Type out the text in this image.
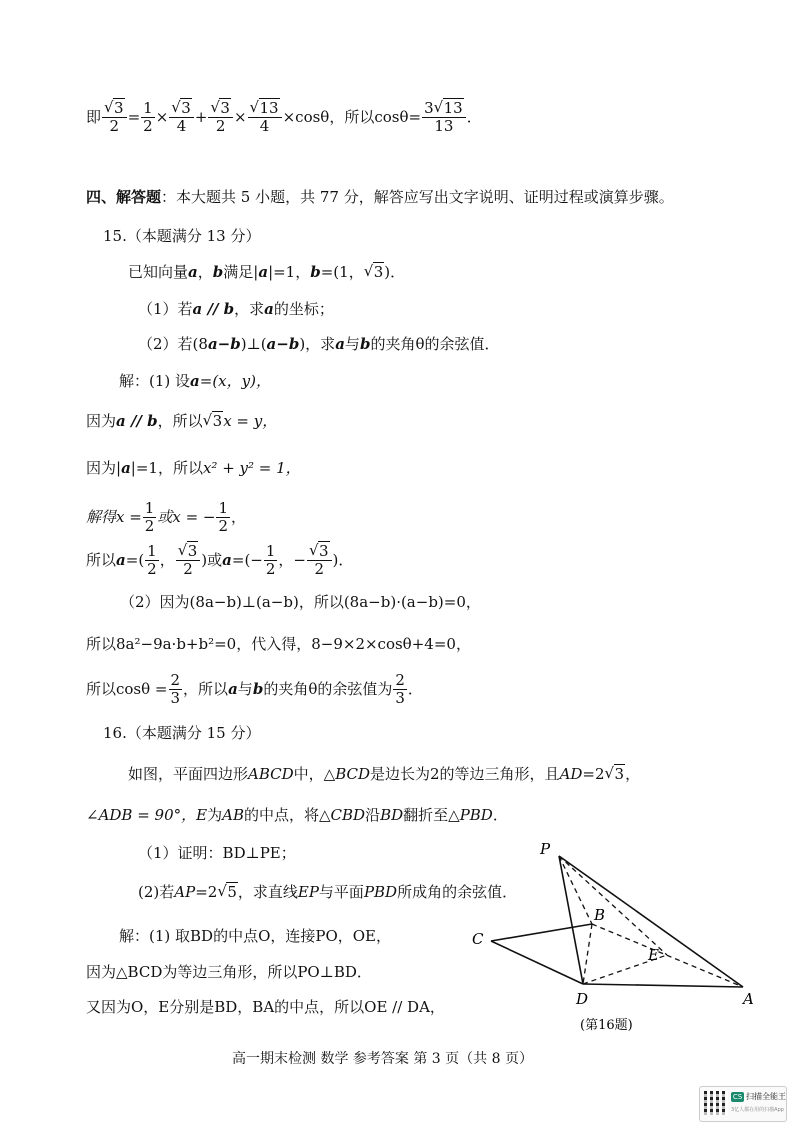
即 √ $\frac{3}{2} = \frac{1}{2}$ × √ $\frac{3}{4}$ + √ $\frac{3}{2}$ × √ $\frac{13}{4} \times\cos\theta$，所以$\cos\theta= \frac{3 √ 13}{13}$ ．
四、解答题：本大题共 5 小题，共 77 分，解答应写出文字说明、证明过程或演算步骤。
15.（本题满分 13 分）
已知向量a，b满足|a|=1，b=(1， √ 3)．
（1）若a // b，求a的坐标；
（2）若(8a−b)⊥(a−b)，求a与b的夹角θ的余弦值．
解：(1) 设a=(x，y)，
因为a // b，所以 √ 3x = y，
因为|a|=1，所以x² + y² = 1，
解得$x = \frac{1}{2}$ 或x = − $\frac{1}{2}$ ，
所以$a=( \frac{1}{2}$ ， √ $\frac{3}{2}$ )或$a=(- \frac{1}{2}$ ，− √ $\frac{3}{2}$ )．
（2）因为(8a−b)⊥(a−b)，所以(8a−b)·(a−b)=0，
所以8a²−9a·b+b²=0，代入得，8−9×2×cosθ+4=0，
所以$\cos\theta = \frac{2}{3}$ ，所以a与b的夹角θ的余弦值为 $\frac{2}{3}$ ．
16.（本题满分 15 分）
如图，平面四边形ABCD中，△BCD是边长为2的等边三角形，且AD=2 √ 3，
∠ADB = 90°，E为AB的中点，将△CBD沿BD翻折至△PBD．
（1）证明：BD⊥PE；
(2)若AP=2 √ 5，求直线EP与平面PBD所成角的余弦值．
解：(1) 取BD的中点O，连接PO，OE，
因为△BCD为等边三角形，所以PO⊥BD．
又因为O，E分别是BD，BA的中点，所以OE // DA，
P
B
C
E
D	A
(第16题)
高一期末检测 数学 参考答案 第 3 页（共 8 页）
CS 扫描全能王
3亿人都在用的扫描App
